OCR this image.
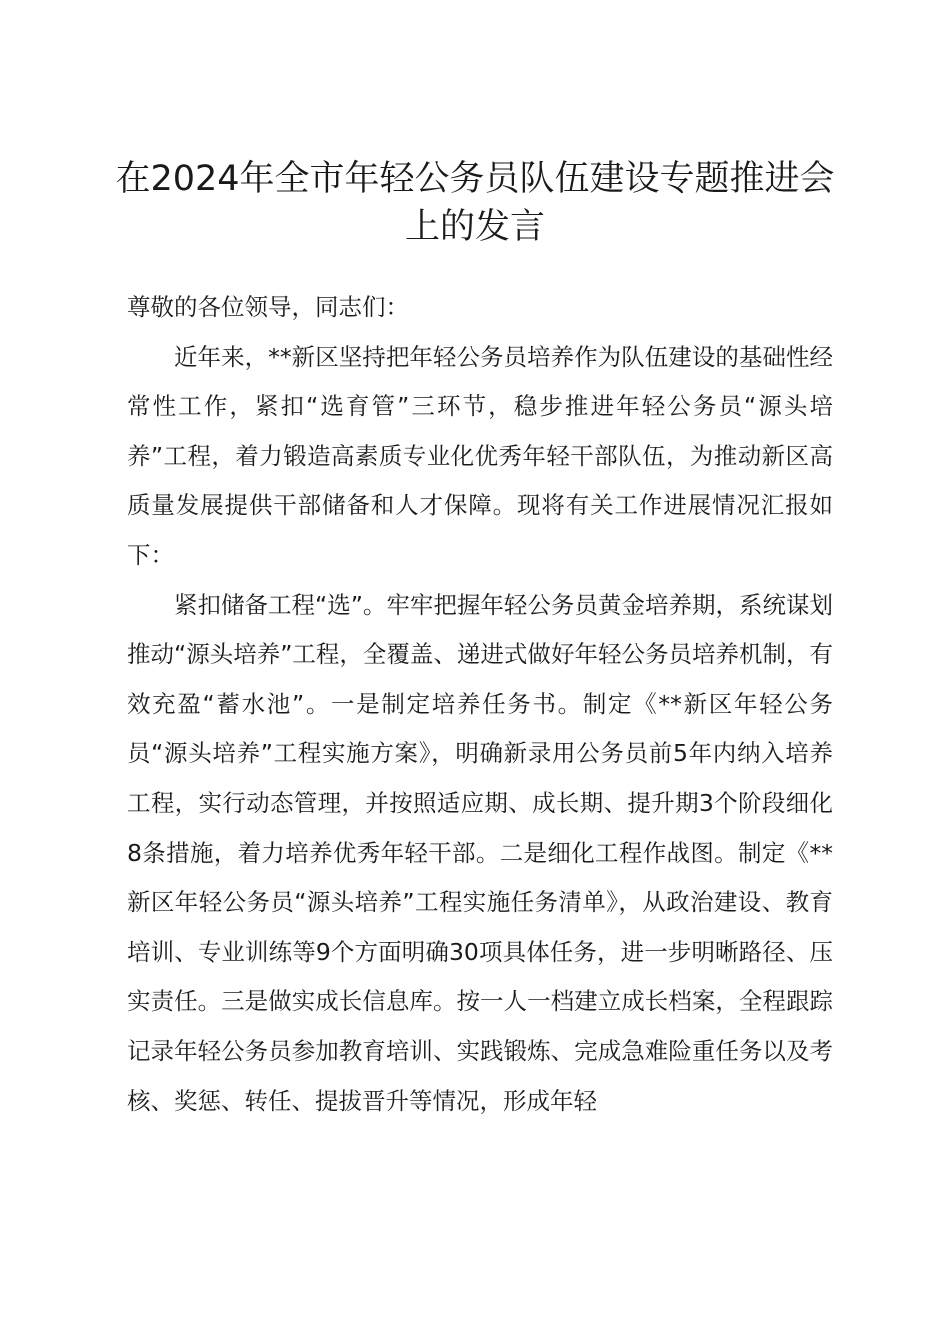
在2024年全市年轻公务员队伍建设专题推进会上的发言

尊敬的各位领导，同志们：

近年来，**新区坚持把年轻公务员培养作为队伍建设的基础性经常性工作，紧扣“选育管”三环节，稳步推进年轻公务员“源头培养”工程，着力锻造高素质专业化优秀年轻干部队伍，为推动新区高质量发展提供干部储备和人才保障。现将有关工作进展情况汇报如下：

紧扣储备工程“选”。牢牢把握年轻公务员黄金培养期，系统谋划推动“源头培养”工程，全覆盖、递进式做好年轻公务员培养机制，有效充盈“蓄水池”。一是制定培养任务书。制定《**新区年轻公务员“源头培养”工程实施方案》，明确新录用公务员前5年内纳入培养工程，实行动态管理，并按照适应期、成长期、提升期3个阶段细化8条措施，着力培养优秀年轻干部。二是细化工程作战图。制定《**新区年轻公务员“源头培养”工程实施任务清单》，从政治建设、教育培训、专业训练等9个方面明确30项具体任务，进一步明晰路径、压实责任。三是做实成长信息库。按一人一档建立成长档案，全程跟踪记录年轻公务员参加教育培训、实践锻炼、完成急难险重任务以及考核、奖惩、转任、提拔晋升等情况，形成年轻
